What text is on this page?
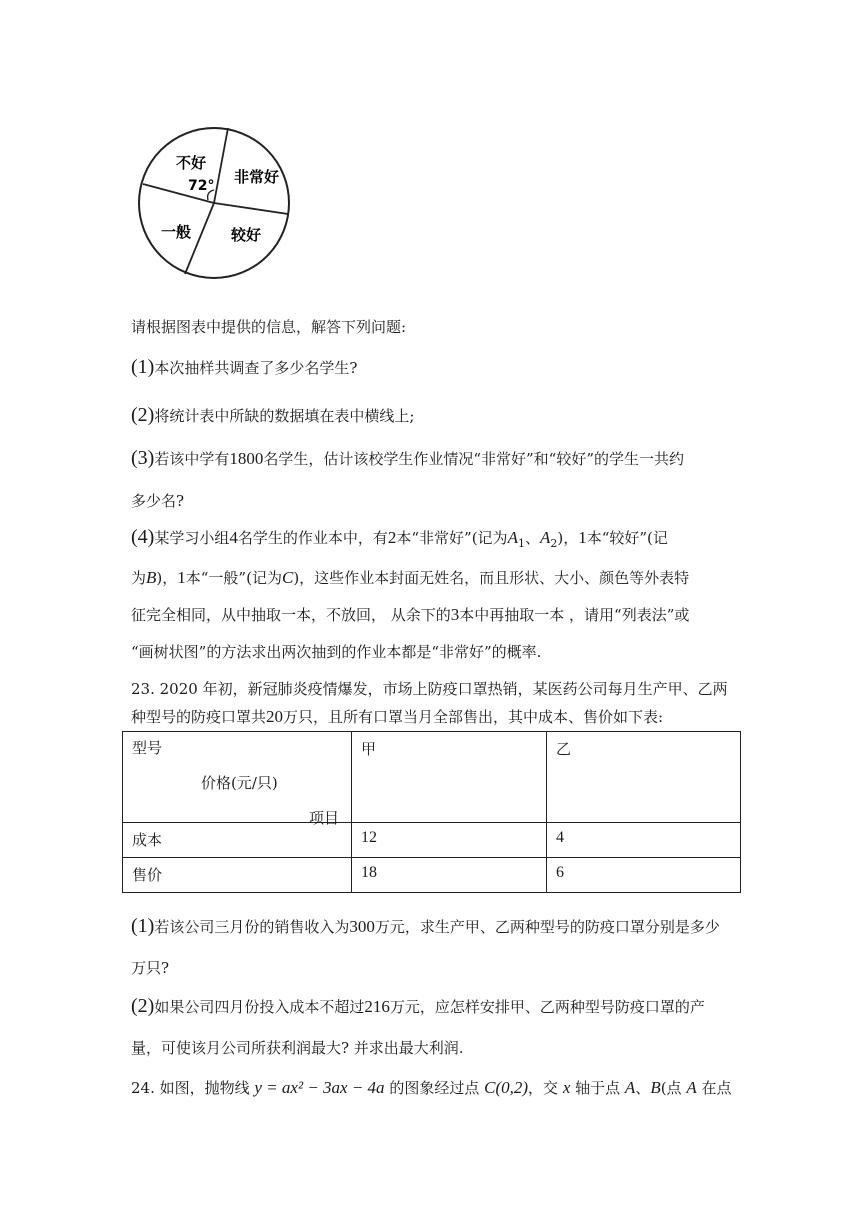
不好
72° 非常好
一般	较好
请根据图表中提供的信息，解答下列问题:
(1)本次抽样共调查了多少名学生?
(2)将统计表中所缺的数据填在表中横线上;
(3)若该中学有1800名学生，估计该校学生作业情况“非常好”和“较好”的学生一共约
多少名?
(4)某学习小组4名学生的作业本中，有2本“非常好”(记为$A_1$、$A_2$)，1本“较好”(记
为B)，1本“一般”(记为C)，这些作业本封面无姓名，而且形状、大小、颜色等外表特
征完全相同，从中抽取一本，不放回， 从余下的3本中再抽取一本 ，请用“列表法”或
“画树状图”的方法求出两次抽到的作业本都是“非常好”的概率.
23. 2020 年初，新冠肺炎疫情爆发，市场上防疫口罩热销，某医药公司每月生产甲、乙两
种型号的防疫口罩共20万只，且所有口罩当月全部售出，其中成本、售价如下表:
型号
价格(元/只)
项目	甲	乙
成本	12	4
售价	18	6
(1)若该公司三月份的销售收入为300万元，求生产甲、乙两种型号的防疫口罩分别是多少
万只?
(2)如果公司四月份投入成本不超过216万元，应怎样安排甲、乙两种型号防疫口罩的产
量，可使该月公司所获利润最大? 并求出最大利润.
24. 如图，抛物线 y = ax² − 3ax − 4a 的图象经过点 C(0,2)，交 x 轴于点 A、B(点 A 在点
